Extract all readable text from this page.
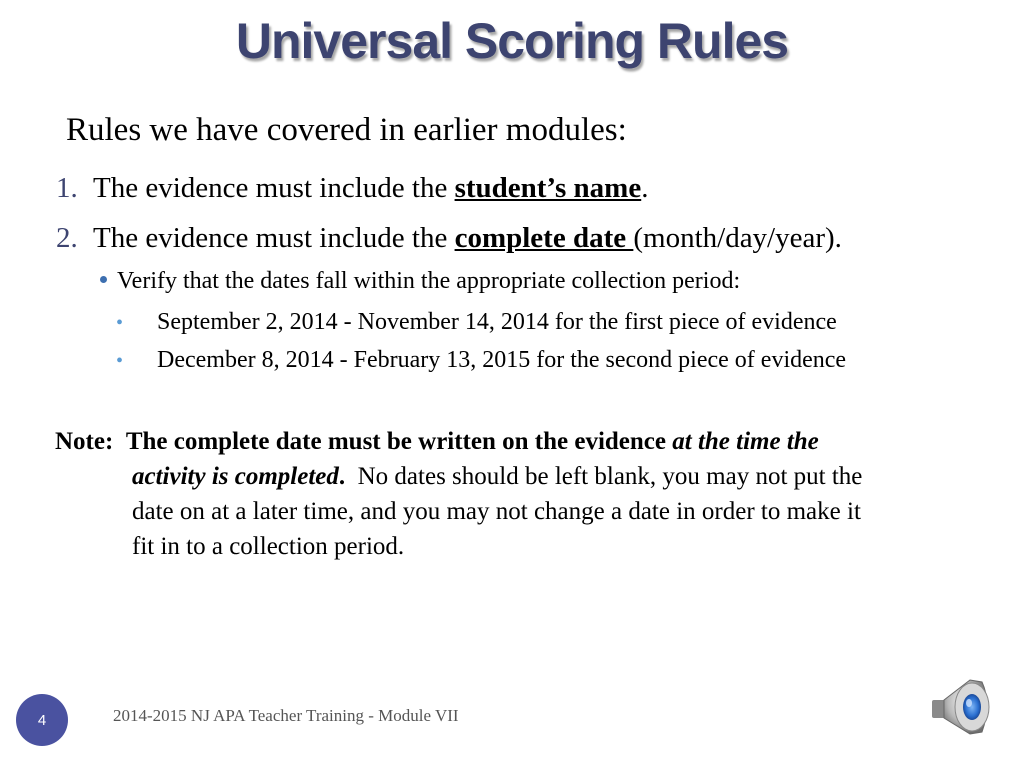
Universal Scoring Rules
Rules we have covered in earlier modules:
1. The evidence must include the student’s name.
2. The evidence must include the complete date (month/day/year).
Verify that the dates fall within the appropriate collection period:
• September 2, 2014 - November 14, 2014 for the first piece of evidence
• December 8, 2014 - February 13, 2015 for the second piece of evidence
Note: The complete date must be written on the evidence at the time the
activity is completed. No dates should be left blank, you may not put the
date on at a later time, and you may not change a date in order to make it
fit in to a collection period.
4	2014-2015 NJ APA Teacher Training - Module VII
